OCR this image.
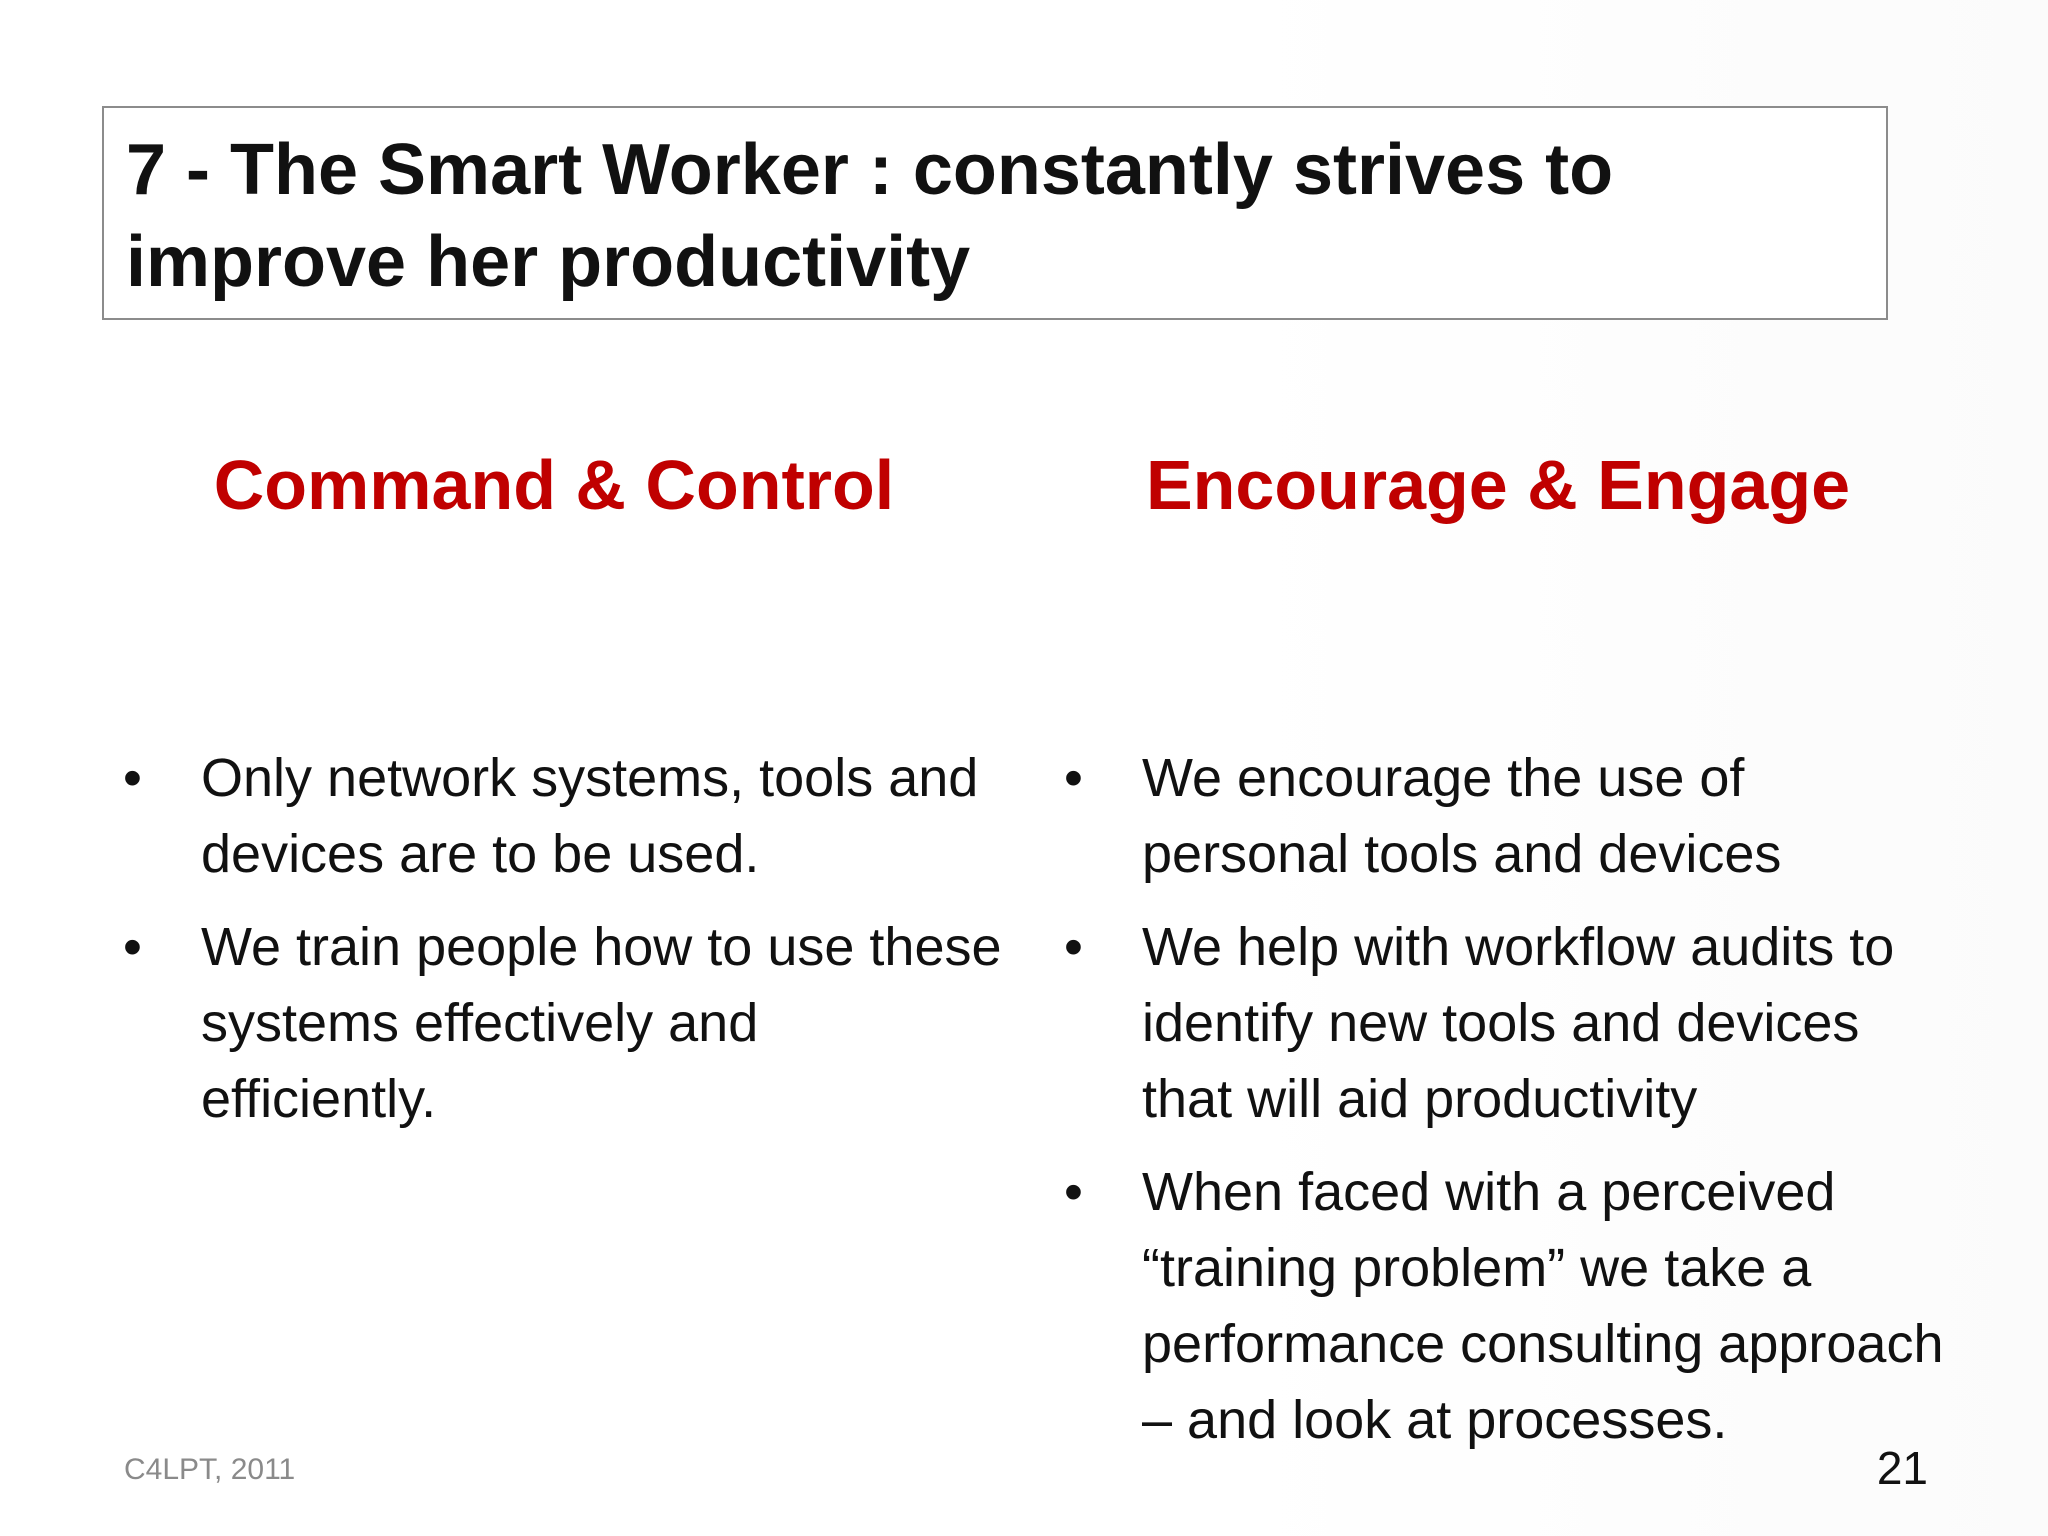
7 - The Smart Worker : constantly strives to improve her productivity
Command & Control
•	Only network systems, tools and devices are to be used.
•	We train people how to use these systems effectively and efficiently.
Encourage & Engage
•	We encourage the use of personal tools and devices
•	We help with workflow audits to identify new tools and devices that will aid productivity
•	When faced with a perceived “training problem” we take a performance consulting approach – and look at processes.
C4LPT, 2011	21
